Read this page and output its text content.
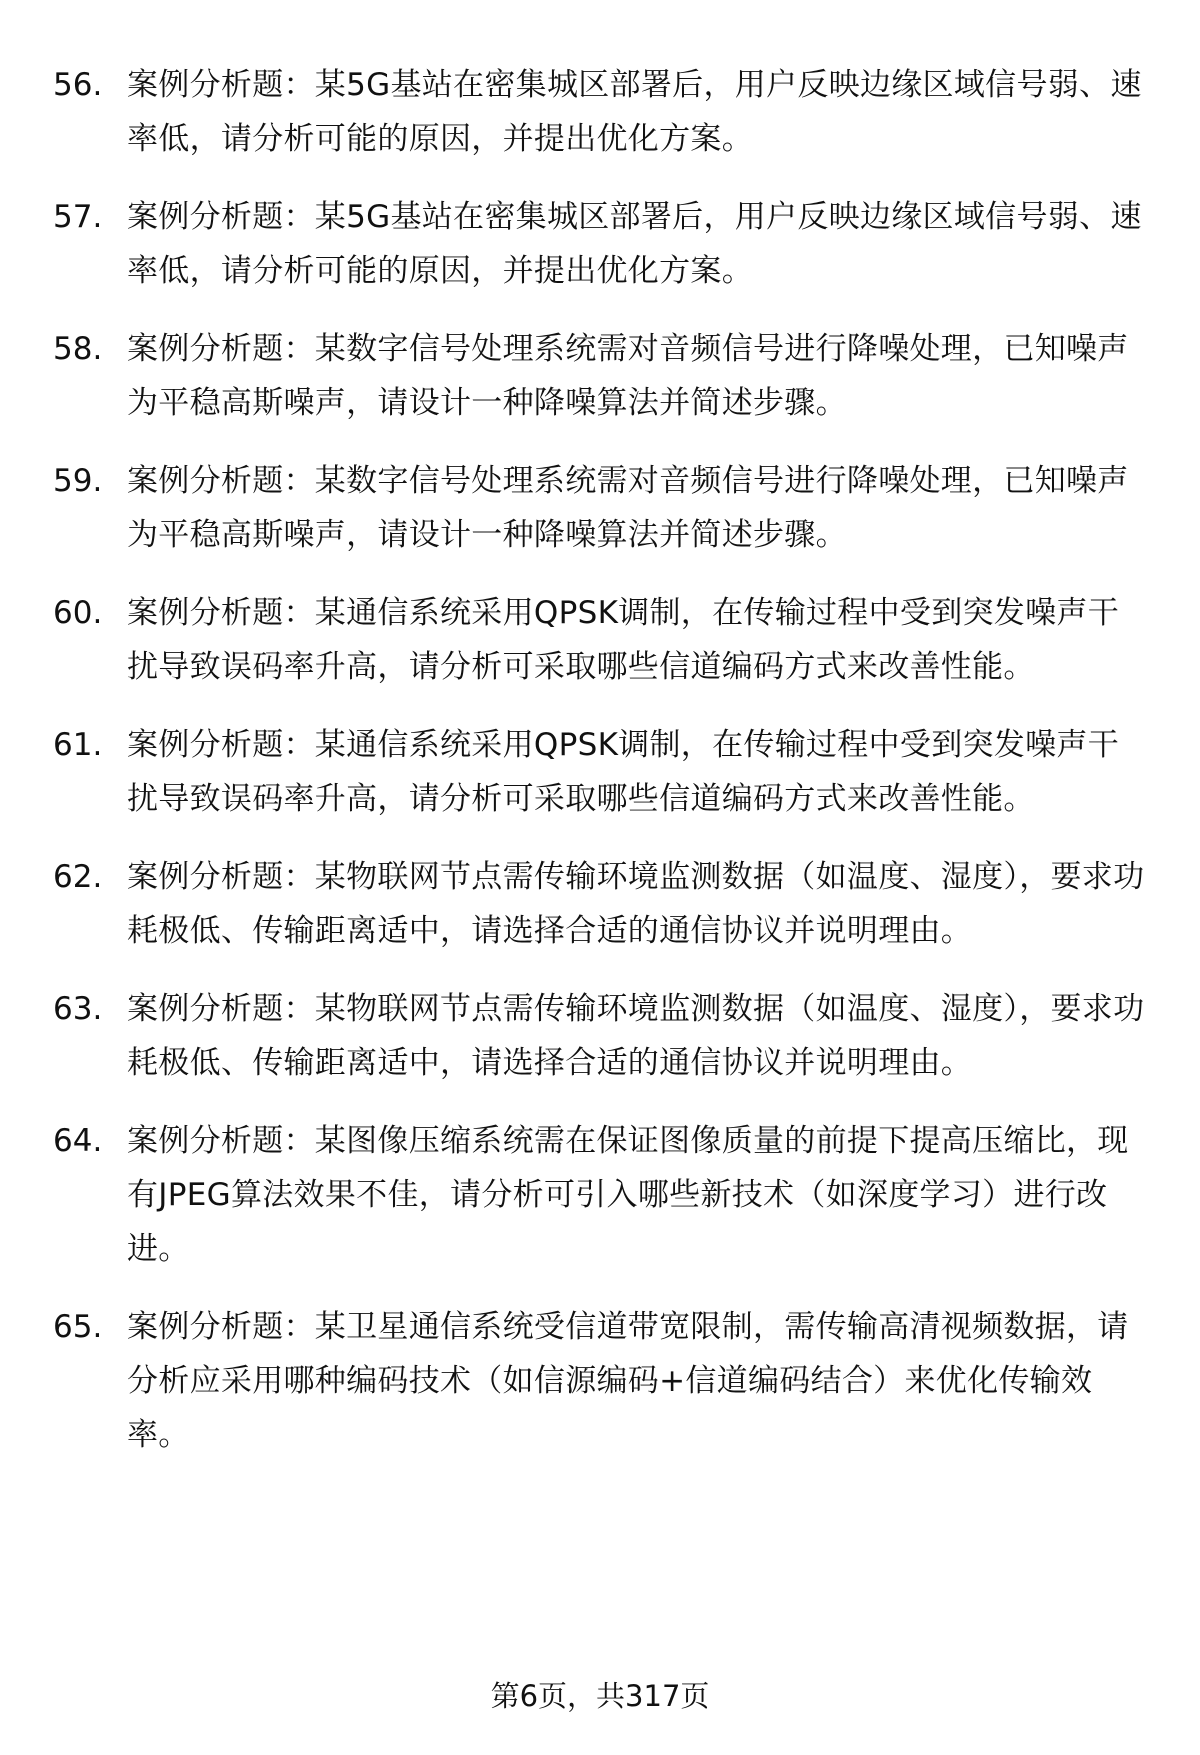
​
56. 案例分析题：某5G基站在密集城区部署后，用户反映边缘区域信号弱、速率低，请分析可能的原因，并提出优化方案。
57. 案例分析题：某5G基站在密集城区部署后，用户反映边缘区域信号弱、速率低，请分析可能的原因，并提出优化方案。
58. 案例分析题：某数字信号处理系统需对音频信号进行降噪处理，已知噪声为平稳高斯噪声，请设计一种降噪算法并简述步骤。
59. 案例分析题：某数字信号处理系统需对音频信号进行降噪处理，已知噪声为平稳高斯噪声，请设计一种降噪算法并简述步骤。
60. 案例分析题：某通信系统采用QPSK调制，在传输过程中受到突发噪声干扰导致误码率升高，请分析可采取哪些信道编码方式来改善性能。
61. 案例分析题：某通信系统采用QPSK调制，在传输过程中受到突发噪声干扰导致误码率升高，请分析可采取哪些信道编码方式来改善性能。
62. 案例分析题：某物联网节点需传输环境监测数据（如温度、湿度），要求功耗极低、传输距离适中，请选择合适的通信协议并说明理由。
63. 案例分析题：某物联网节点需传输环境监测数据（如温度、湿度），要求功耗极低、传输距离适中，请选择合适的通信协议并说明理由。
64. 案例分析题：某图像压缩系统需在保证图像质量的前提下提高压缩比，现有JPEG算法效果不佳，请分析可引入哪些新技术（如深度学习）进行改进。
65. 案例分析题：某卫星通信系统受信道带宽限制，需传输高清视频数据，请分析应采用哪种编码技术（如信源编码+信道编码结合）来优化传输效率。
第6页，共317页
